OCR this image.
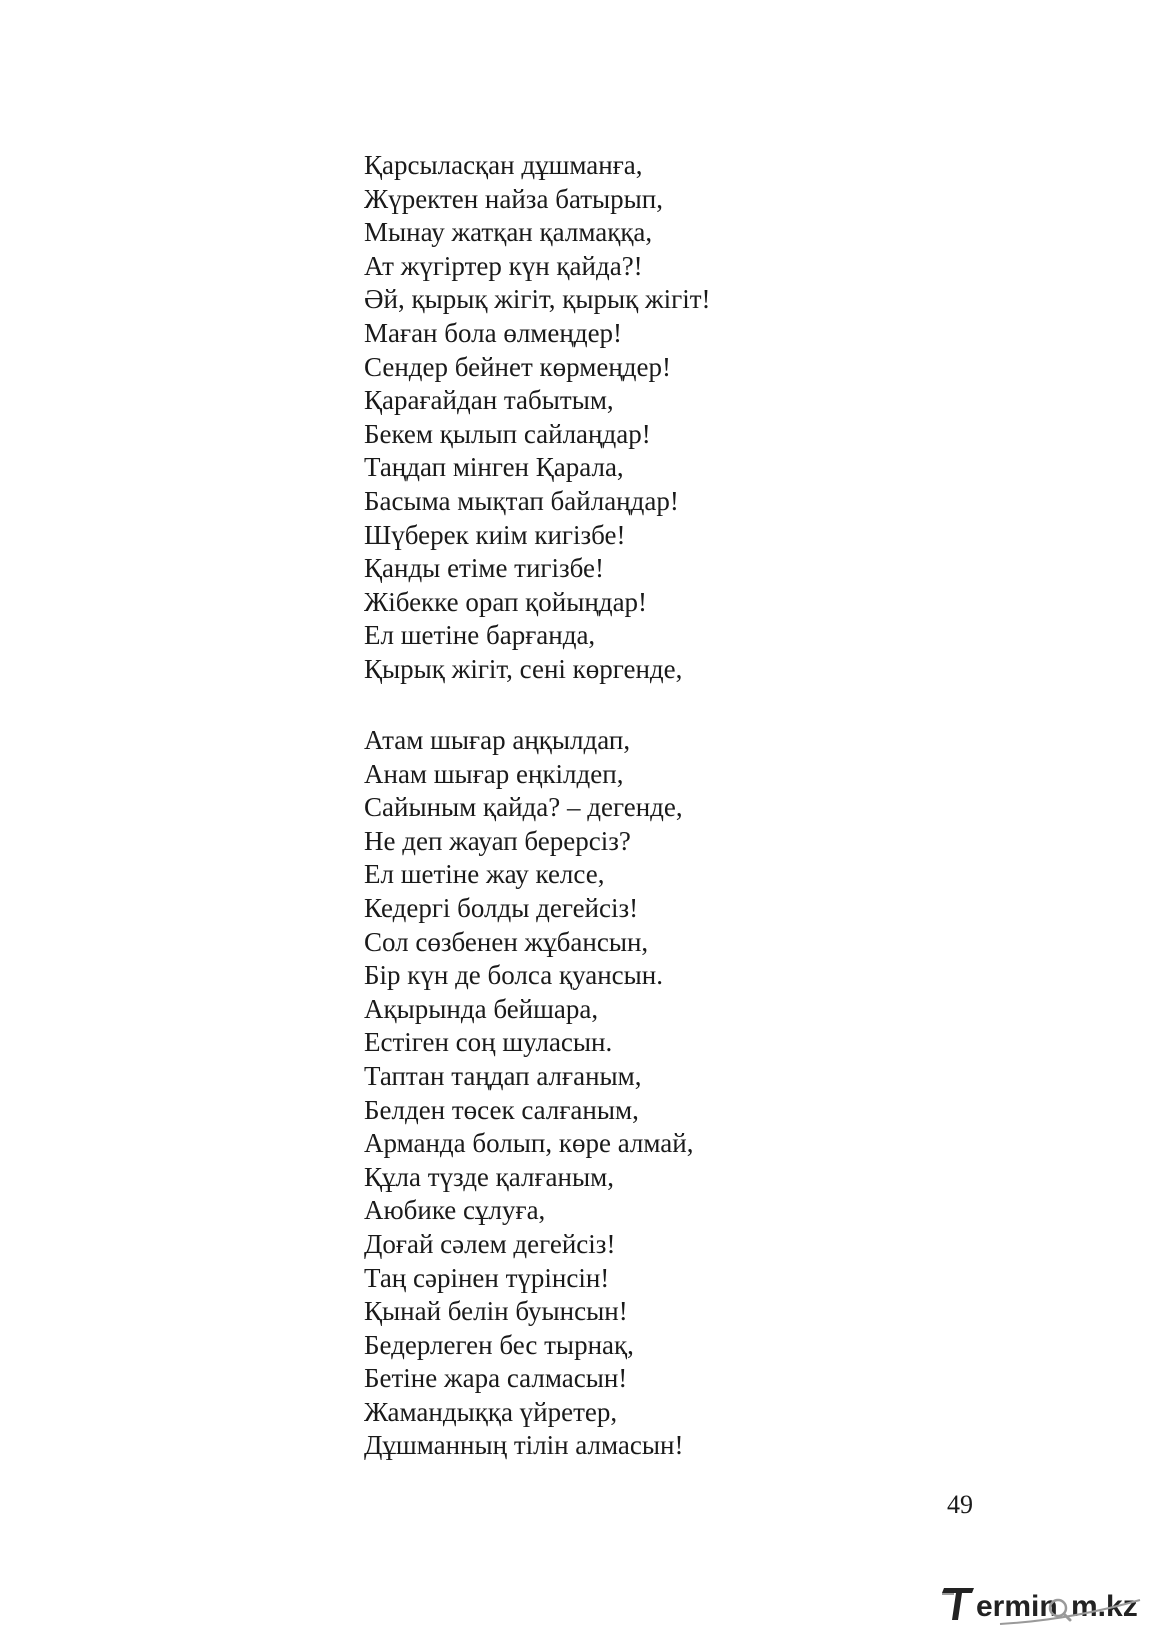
Қарсыласқан дұшманға,
Жүректен найза батырып,
Мынау жатқан қалмаққа,
Ат жүгіртер күн қайда?!
Әй, қырық жігіт, қырық жігіт!
Маған бола өлмеңдер!
Сендер бейнет көрмеңдер!
Қарағайдан табытым,
Бекем қылып сайлаңдар!
Таңдап мінген Қарала,
Басыма мықтап байлаңдар!
Шүберек киім кигізбе!
Қанды етіме тигізбе!
Жібекке орап қойыңдар!
Ел шетіне барғанда,
Қырық жігіт, сені көргенде,
Атам шығар аңқылдап,
Анам шығар еңкілдеп,
Сайыным қайда? – дегенде,
Не деп жауап берерсіз?
Ел шетіне жау келсе,
Кедергі болды дегейсіз!
Сол сөзбенен жұбансын,
Бір күн де болса қуансын.
Ақырында бейшара,
Естіген соң шуласын.
Таптан таңдап алғаным,
Белден төсек салғаным,
Арманда болып, көре алмай,
Құла түзде қалғаным,
Аюбике сұлуға,
Доғай сәлем дегейсіз!
Таң сәрінен түрінсін!
Қынай белін буынсын!
Бедерлеген бес тырнақ,
Бетіне жара салмасын!
Жамандыққа үйретер,
Дұшманның тілін алмасын!
49
ermin m.kz
